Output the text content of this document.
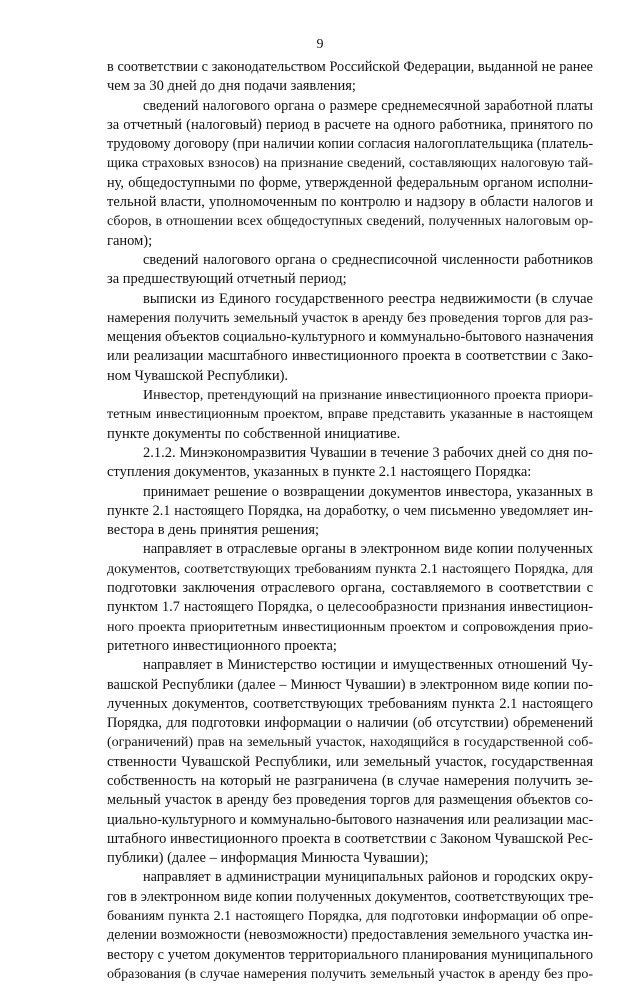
9
в соответствии с законодательством Российской Федерации, выданной не ранее
чем за 30 дней до дня подачи заявления;
сведений налогового органа о размере среднемесячной заработной платы
за отчетный (налоговый) период в расчете на одного работника, принятого по
трудовому договору (при наличии копии согласия налогоплательщика (платель-
щика страховых взносов) на признание сведений, составляющих налоговую тай-
ну, общедоступными по форме, утвержденной федеральным органом исполни-
тельной власти, уполномоченным по контролю и надзору в области налогов и
сборов, в отношении всех общедоступных сведений, полученных налоговым ор-
ганом);
сведений налогового органа о среднесписочной численности работников
за предшествующий отчетный период;
выписки из Единого государственного реестра недвижимости (в случае
намерения получить земельный участок в аренду без проведения торгов для раз-
мещения объектов социально-культурного и коммунально-бытового назначения
или реализации масштабного инвестиционного проекта в соответствии с Зако-
ном Чувашской Республики).
Инвестор, претендующий на признание инвестиционного проекта приори-
тетным инвестиционным проектом, вправе представить указанные в настоящем
пункте документы по собственной инициативе.
2.1.2. Минэкономразвития Чувашии в течение 3 рабочих дней со дня по-
ступления документов, указанных в пункте 2.1 настоящего Порядка:
принимает решение о возвращении документов инвестора, указанных в
пункте 2.1 настоящего Порядка, на доработку, о чем письменно уведомляет ин-
вестора в день принятия решения;
направляет в отраслевые органы в электронном виде копии полученных
документов, соответствующих требованиям пункта 2.1 настоящего Порядка, для
подготовки заключения отраслевого органа, составляемого в соответствии с
пунктом 1.7 настоящего Порядка, о целесообразности признания инвестицион-
ного проекта приоритетным инвестиционным проектом и сопровождения прио-
ритетного инвестиционного проекта;
направляет в Министерство юстиции и имущественных отношений Чу-
вашской Республики (далее – Минюст Чувашии) в электронном виде копии по-
лученных документов, соответствующих требованиям пункта 2.1 настоящего
Порядка, для подготовки информации о наличии (об отсутствии) обременений
(ограничений) прав на земельный участок, находящийся в государственной соб-
ственности Чувашской Республики, или земельный участок, государственная
собственность на который не разграничена (в случае намерения получить зе-
мельный участок в аренду без проведения торгов для размещения объектов со-
циально-культурного и коммунально-бытового назначения или реализации мас-
штабного инвестиционного проекта в соответствии с Законом Чувашской Рес-
публики) (далее – информация Минюста Чувашии);
направляет в администрации муниципальных районов и городских окру-
гов в электронном виде копии полученных документов, соответствующих тре-
бованиям пункта 2.1 настоящего Порядка, для подготовки информации об опре-
делении возможности (невозможности) предоставления земельного участка ин-
вестору с учетом документов территориального планирования муниципального
образования (в случае намерения получить земельный участок в аренду без про-
